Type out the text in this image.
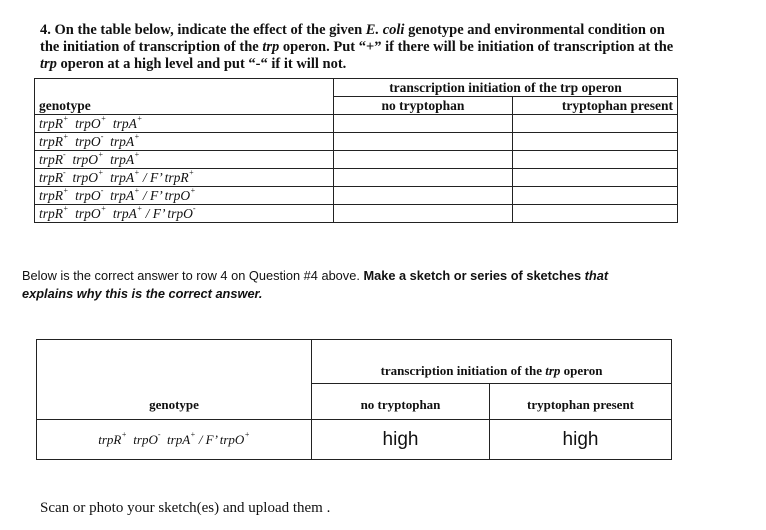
4. On the table below, indicate the effect of the given E. coli genotype and environmental condition on
the initiation of transcription of the trp operon. Put “+” if there will be initiation of transcription at the
trp operon at a high level and put “-“ if it will not.
	transcription initiation of the trp operon	
genotype	no tryptophan	tryptophan present
trpR+  trpO+  trpA+		
trpR+  trpO-  trpA+		
trpR-  trpO+  trpA+		
trpR-  trpO+  trpA+ / F’ trpR+		
trpR+  trpO-  trpA+ / F’ trpO+		
trpR+  trpO+  trpA+ / F’ trpO-		
Below is the correct answer to row 4 on Question #4 above. Make a sketch or series of sketches that
explains why this is the correct answer.
	transcription initiation of the trp operon	
genotype	no tryptophan	tryptophan present
trpR+  trpO-  trpA+ / F’ trpO+	high	high
Scan or photo your sketch(es) and upload them .
